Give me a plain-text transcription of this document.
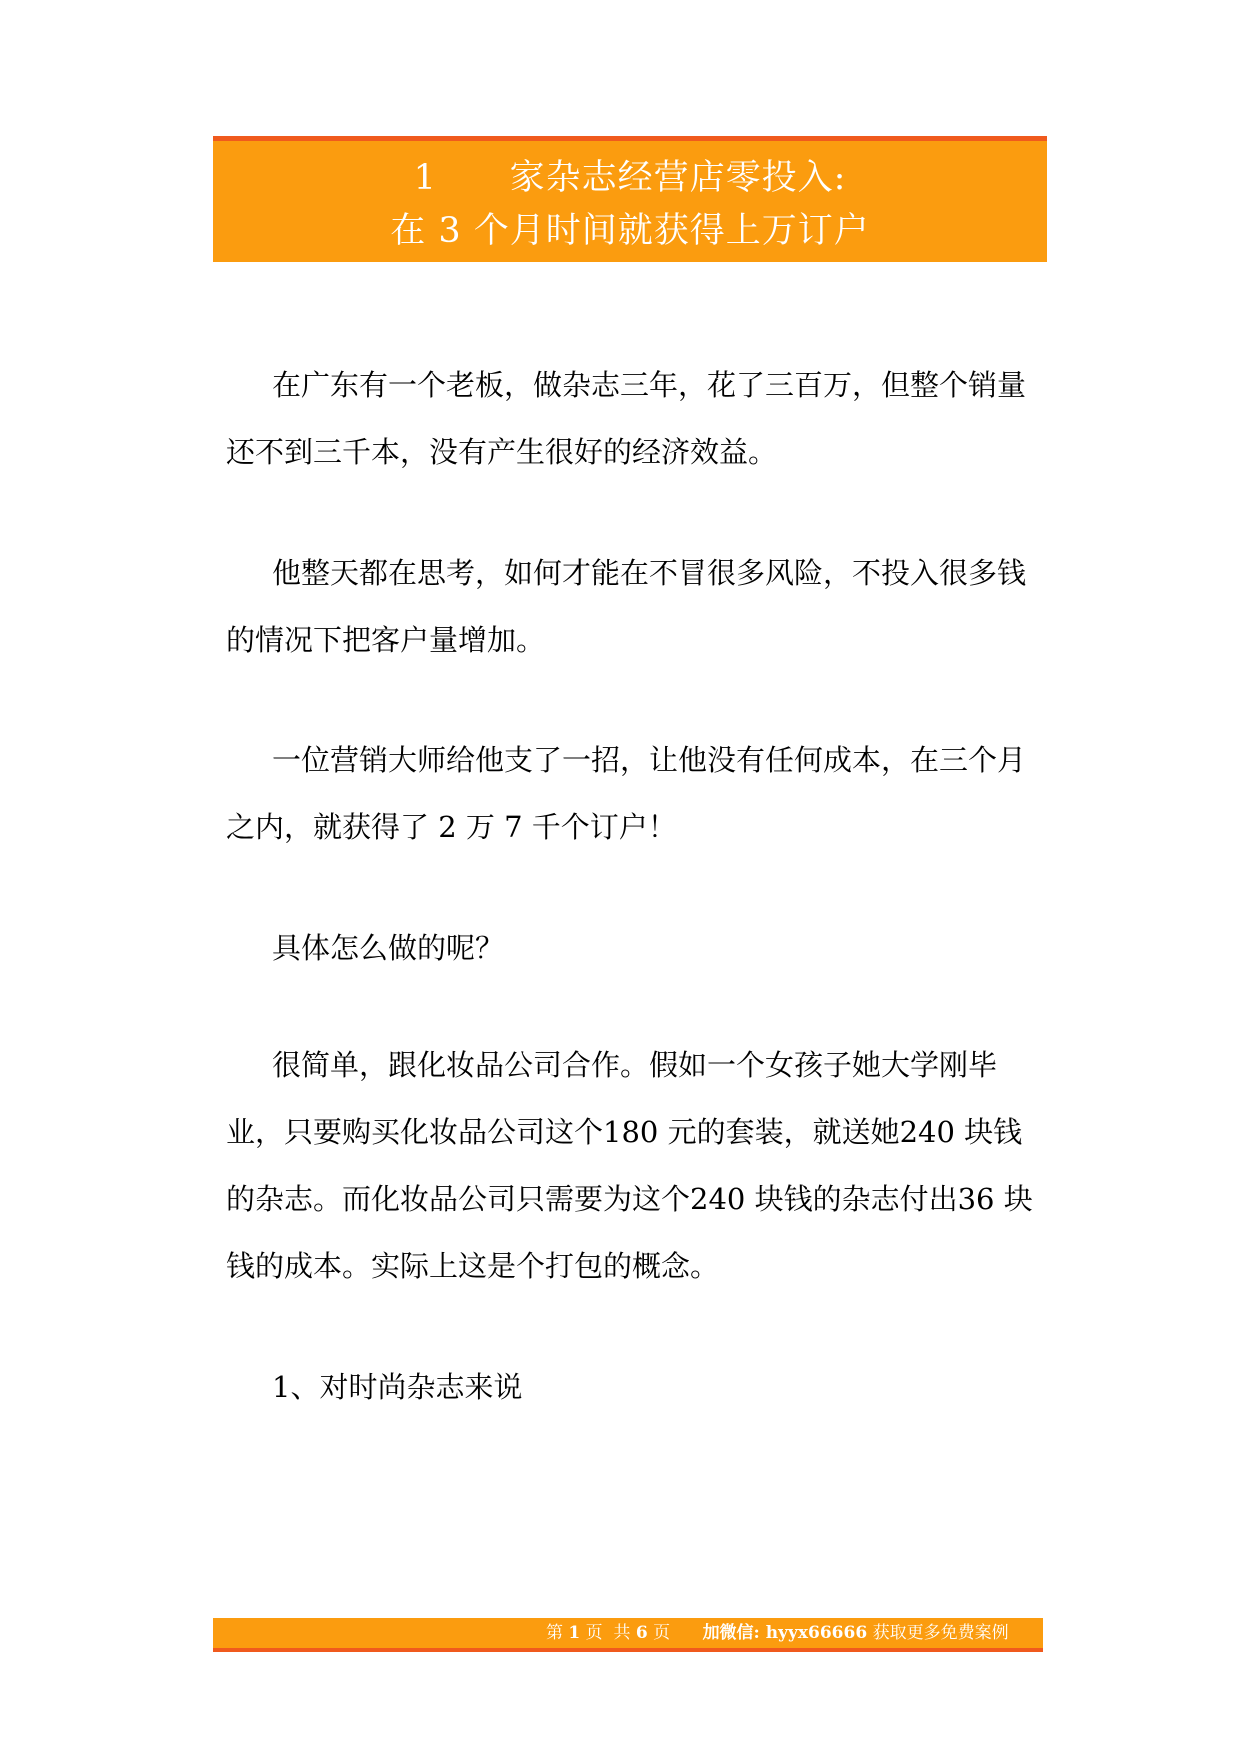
1      家杂志经营店零投入:
在 3 个月时间就获得上万订户
在广东有一个老板，做杂志三年，花了三百万，但整个销量还不到三千本，没有产生很好的经济效益。
他整天都在思考，如何才能在不冒很多风险，不投入很多钱的情况下把客户量增加。
一位营销大师给他支了一招，让他没有任何成本，在三个月之内，就获得了 2 万 7 千个订户！
具体怎么做的呢？
很简单，跟化妆品公司合作。假如一个女孩子她大学刚毕业，只要购买化妆品公司这个180 元的套装，就送她240 块钱的杂志。而化妆品公司只需要为这个240 块钱的杂志付出36 块钱的成本。实际上这是个打包的概念。
1、对时尚杂志来说
第 1 页  共 6 页 加微信: hyyx66666 获取更多免费案例
